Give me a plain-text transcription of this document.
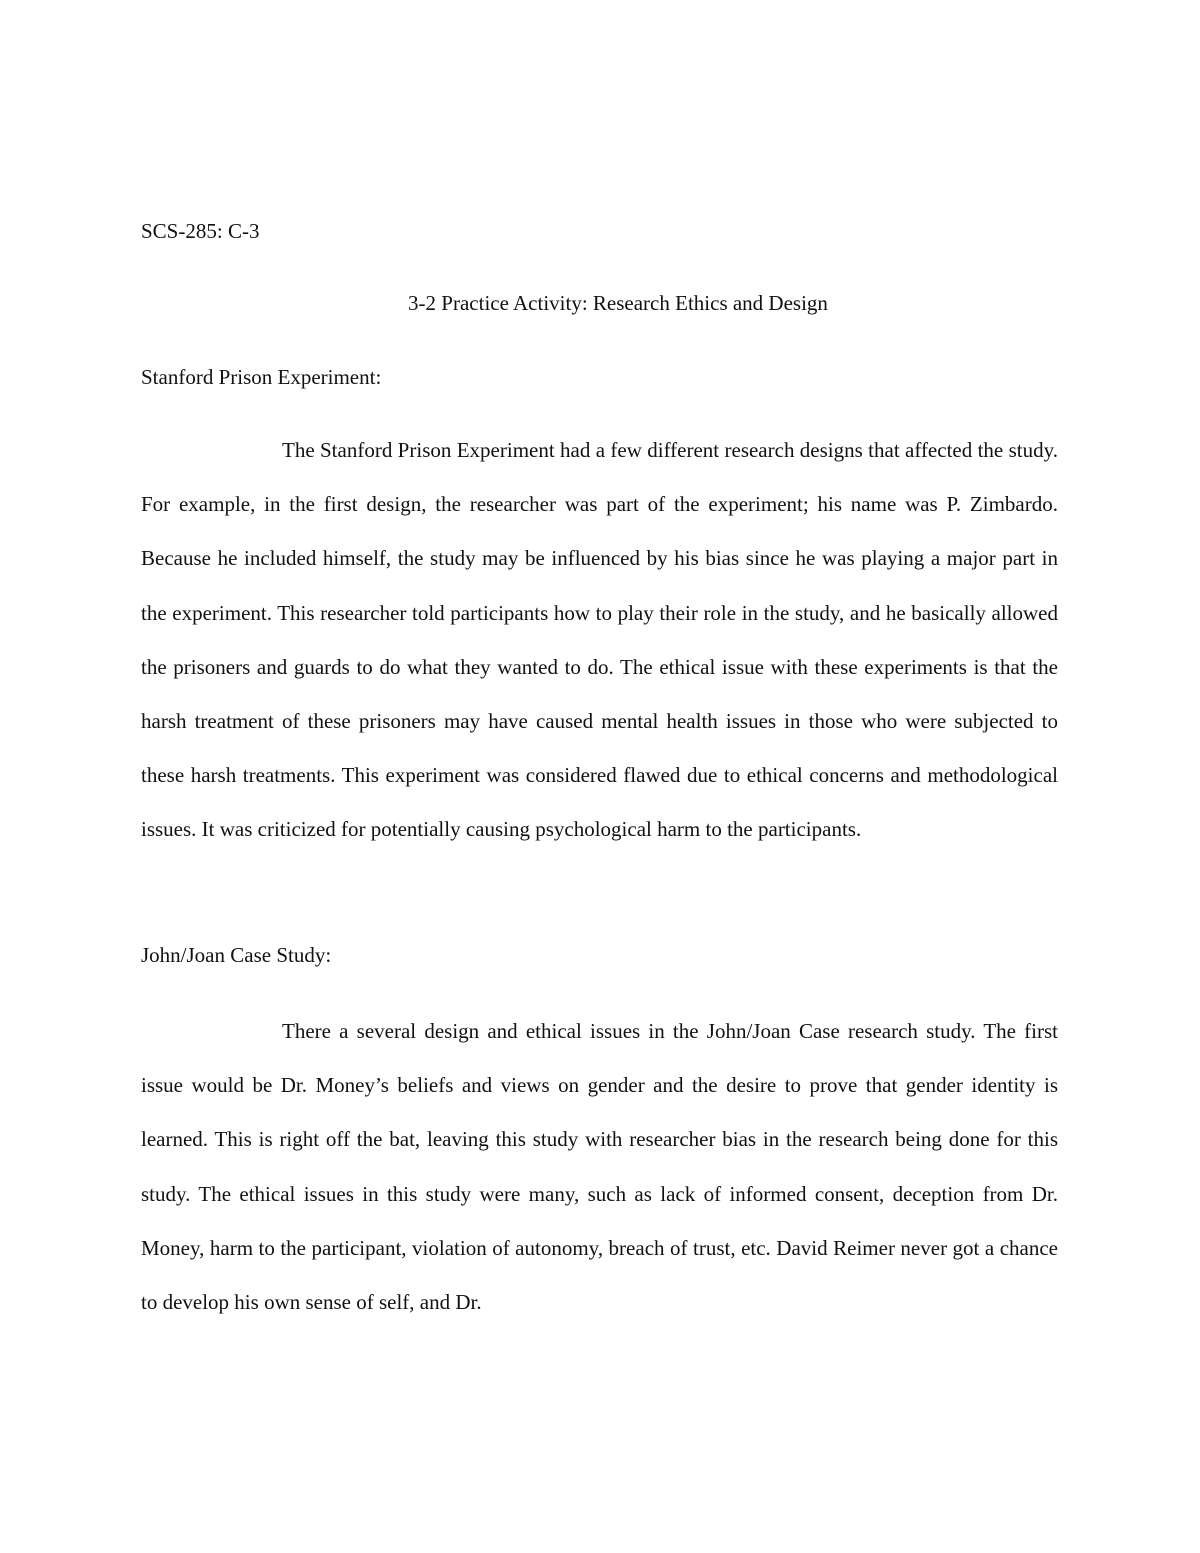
SCS-285: C-3
3-2 Practice Activity: Research Ethics and Design
Stanford Prison Experiment:

The Stanford Prison Experiment had a few different research designs that affected the study. For example, in the first design, the researcher was part of the experiment; his name was P. Zimbardo. Because he included himself, the study may be influenced by his bias since he was playing a major part in the experiment. This researcher told participants how to play their role in the study, and he basically allowed the prisoners and guards to do what they wanted to do. The ethical issue with these experiments is that the harsh treatment of these prisoners may have caused mental health issues in those who were subjected to these harsh treatments. This experiment was considered flawed due to ethical concerns and methodological issues. It was criticized for potentially causing psychological harm to the participants.

John/Joan Case Study:

There a several design and ethical issues in the John/Joan Case research study. The first issue would be Dr. Money’s beliefs and views on gender and the desire to prove that gender identity is learned. This is right off the bat, leaving this study with researcher bias in the research being done for this study. The ethical issues in this study were many, such as lack of informed consent, deception from Dr. Money, harm to the participant, violation of autonomy, breach of trust, etc. David Reimer never got a chance to develop his own sense of self, and Dr.
